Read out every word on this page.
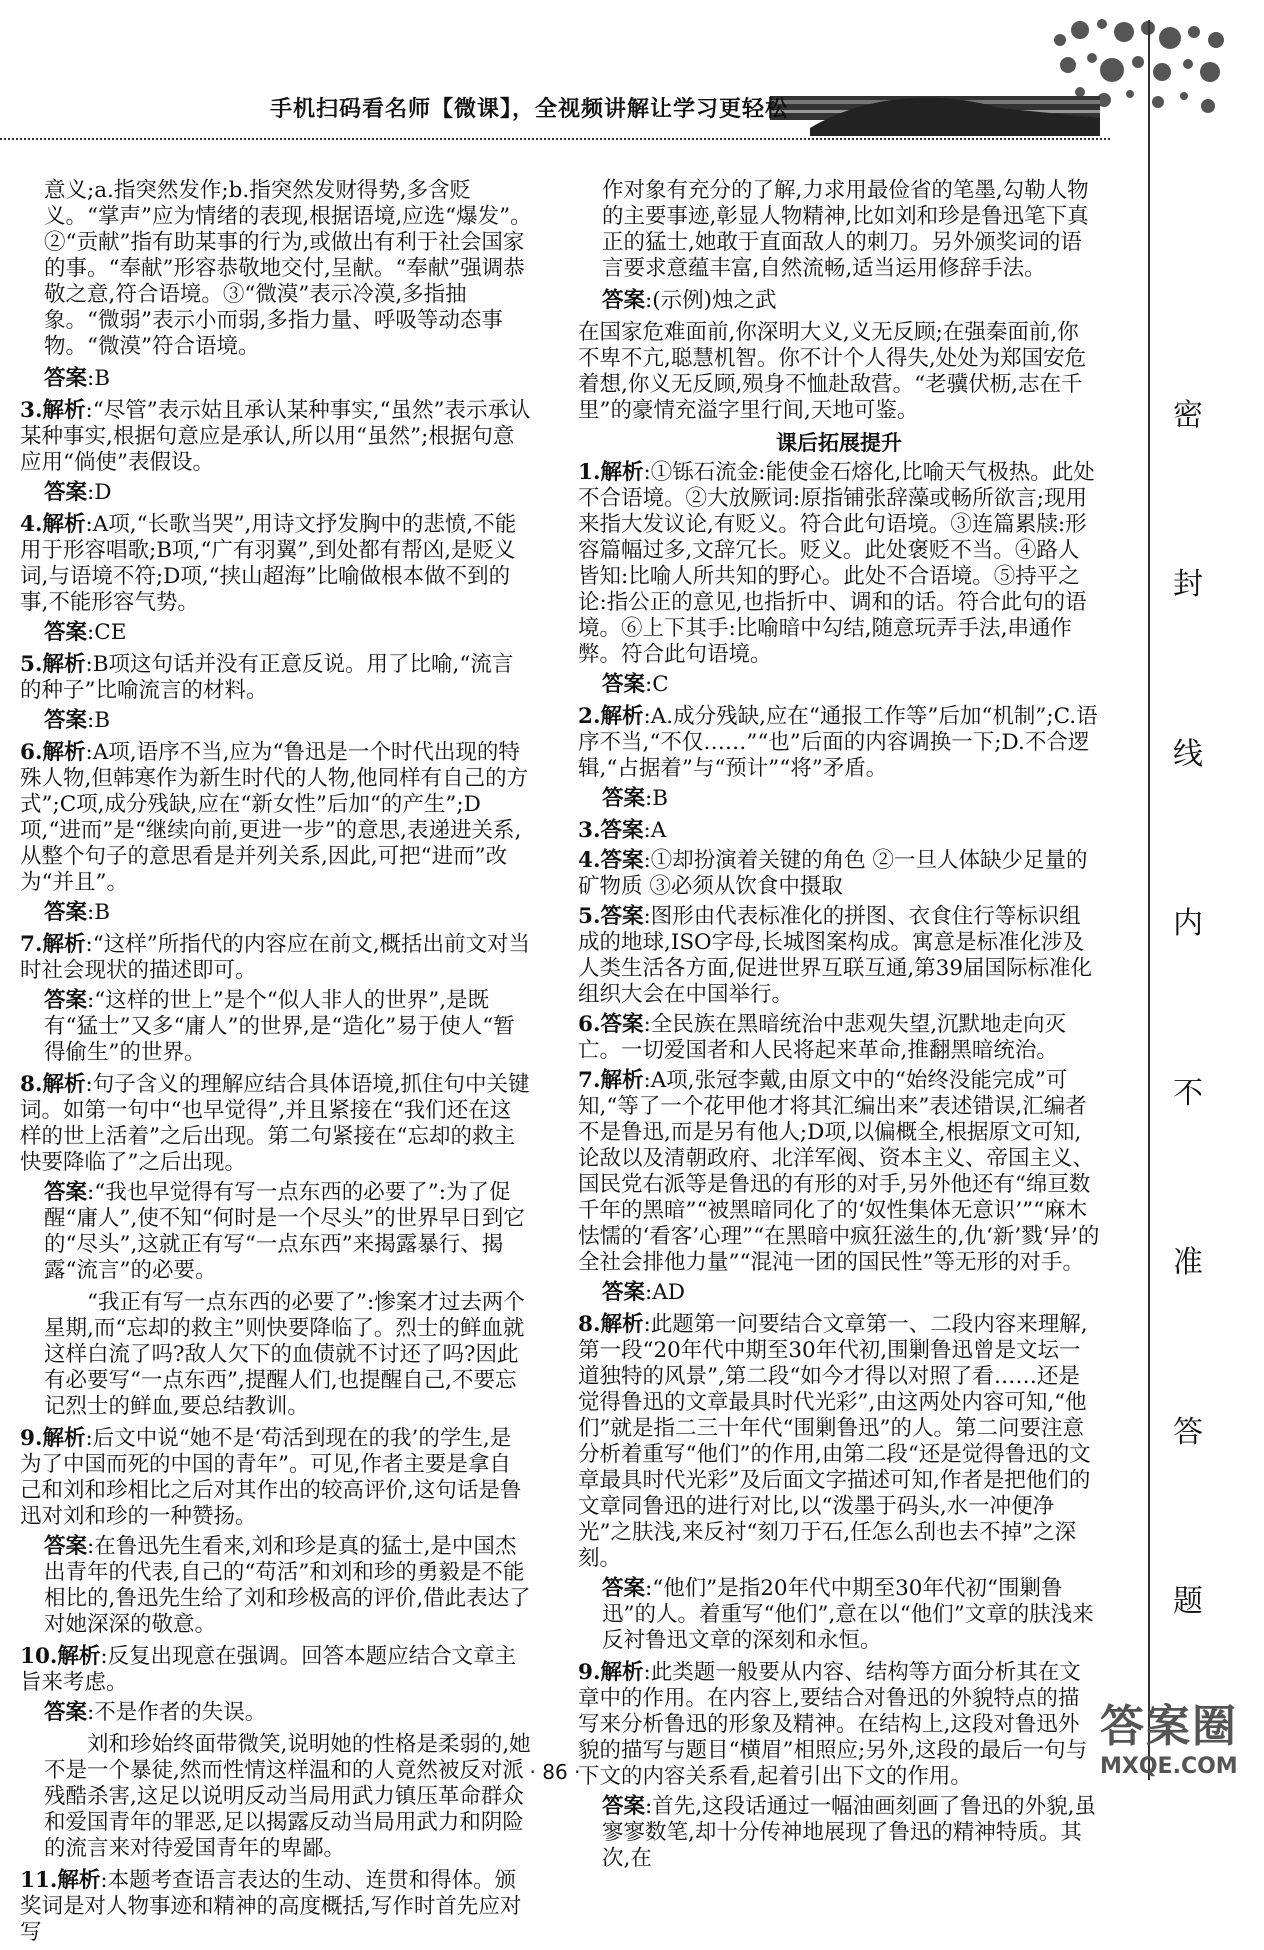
手机扫码看名师【微课】，全视频讲解让学习更轻松
意义;a.指突然发作;b.指突然发财得势,多含贬义。“掌声”应为情绪的表现,根据语境,应选“爆发”。②“贡献”指有助某事的行为,或做出有利于社会国家的事。“奉献”形容恭敬地交付,呈献。“奉献”强调恭敬之意,符合语境。③“微漠”表示冷漠,多指抽象。“微弱”表示小而弱,多指力量、呼吸等动态事物。“微漠”符合语境。
答案:B
3.解析:“尽管”表示姑且承认某种事实,“虽然”表示承认某种事实,根据句意应是承认,所以用“虽然”;根据句意应用“倘使”表假设。
答案:D
4.解析:A项,“长歌当哭”,用诗文抒发胸中的悲愤,不能用于形容唱歌;B项,“广有羽翼”,到处都有帮凶,是贬义词,与语境不符;D项,“挟山超海”比喻做根本做不到的事,不能形容气势。
答案:CE
5.解析:B项这句话并没有正意反说。用了比喻,“流言的种子”比喻流言的材料。
答案:B
6.解析:A项,语序不当,应为“鲁迅是一个时代出现的特殊人物,但韩寒作为新生时代的人物,他同样有自己的方式”;C项,成分残缺,应在“新女性”后加“的产生”;D项,“进而”是“继续向前,更进一步”的意思,表递进关系,从整个句子的意思看是并列关系,因此,可把“进而”改为“并且”。
答案:B
7.解析:“这样”所指代的内容应在前文,概括出前文对当时社会现状的描述即可。
答案:“这样的世上”是个“似人非人的世界”,是既有“猛士”又多“庸人”的世界,是“造化”易于使人“暂得偷生”的世界。
8.解析:句子含义的理解应结合具体语境,抓住句中关键词。如第一句中“也早觉得”,并且紧接在“我们还在这样的世上活着”之后出现。第二句紧接在“忘却的救主快要降临了”之后出现。
答案:“我也早觉得有写一点东西的必要了”:为了促醒“庸人”,使不知“何时是一个尽头”的世界早日到它的“尽头”,这就正有写“一点东西”来揭露暴行、揭露“流言”的必要。
“我正有写一点东西的必要了”:惨案才过去两个星期,而“忘却的救主”则快要降临了。烈士的鲜血就这样白流了吗?敌人欠下的血债就不讨还了吗?因此有必要写“一点东西”,提醒人们,也提醒自己,不要忘记烈士的鲜血,要总结教训。
9.解析:后文中说“她不是‘苟活到现在的我’的学生,是为了中国而死的中国的青年”。可见,作者主要是拿自己和刘和珍相比之后对其作出的较高评价,这句话是鲁迅对刘和珍的一种赞扬。
答案:在鲁迅先生看来,刘和珍是真的猛士,是中国杰出青年的代表,自己的“苟活”和刘和珍的勇毅是不能相比的,鲁迅先生给了刘和珍极高的评价,借此表达了对她深深的敬意。
10.解析:反复出现意在强调。回答本题应结合文章主旨来考虑。
答案:不是作者的失误。
刘和珍始终面带微笑,说明她的性格是柔弱的,她不是一个暴徒,然而性情这样温和的人竟然被反对派残酷杀害,这足以说明反动当局用武力镇压革命群众和爱国青年的罪恶,足以揭露反动当局用武力和阴险的流言来对待爱国青年的卑鄙。
11.解析:本题考查语言表达的生动、连贯和得体。颁奖词是对人物事迹和精神的高度概括,写作时首先应对写
作对象有充分的了解,力求用最俭省的笔墨,勾勒人物的主要事迹,彰显人物精神,比如刘和珍是鲁迅笔下真正的猛士,她敢于直面敌人的刺刀。另外颁奖词的语言要求意蕴丰富,自然流畅,适当运用修辞手法。
答案:(示例)烛之武
在国家危难面前,你深明大义,义无反顾;在强秦面前,你不卑不亢,聪慧机智。你不计个人得失,处处为郑国安危着想,你义无反顾,殒身不恤赴敌营。“老骥伏枥,志在千里”的豪情充溢字里行间,天地可鉴。
课后拓展提升
1.解析:①铄石流金:能使金石熔化,比喻天气极热。此处不合语境。②大放厥词:原指铺张辞藻或畅所欲言;现用来指大发议论,有贬义。符合此句语境。③连篇累牍:形容篇幅过多,文辞冗长。贬义。此处褒贬不当。④路人皆知:比喻人所共知的野心。此处不合语境。⑤持平之论:指公正的意见,也指折中、调和的话。符合此句的语境。⑥上下其手:比喻暗中勾结,随意玩弄手法,串通作弊。符合此句语境。
答案:C
2.解析:A.成分残缺,应在“通报工作等”后加“机制”;C.语序不当,“不仅……”“也”后面的内容调换一下;D.不合逻辑,“占据着”与“预计”“将”矛盾。
答案:B
3.答案:A
4.答案:①却扮演着关键的角色 ②一旦人体缺少足量的矿物质 ③必须从饮食中摄取
5.答案:图形由代表标准化的拼图、衣食住行等标识组成的地球,ISO字母,长城图案构成。寓意是标准化涉及人类生活各方面,促进世界互联互通,第39届国际标准化组织大会在中国举行。
6.答案:全民族在黑暗统治中悲观失望,沉默地走向灭亡。一切爱国者和人民将起来革命,推翻黑暗统治。
7.解析:A项,张冠李戴,由原文中的“始终没能完成”可知,“等了一个花甲他才将其汇编出来”表述错误,汇编者不是鲁迅,而是另有他人;D项,以偏概全,根据原文可知,论敌以及清朝政府、北洋军阀、资本主义、帝国主义、国民党右派等是鲁迅的有形的对手,另外他还有“绵亘数千年的黑暗”“被黑暗同化了的‘奴性集体无意识’”“麻木怯懦的‘看客’心理”“在黑暗中疯狂滋生的,仇‘新’戮‘异’的全社会排他力量”“混沌一团的国民性”等无形的对手。
答案:AD
8.解析:此题第一问要结合文章第一、二段内容来理解,第一段“20年代中期至30年代初,围剿鲁迅曾是文坛一道独特的风景”,第二段“如今才得以对照了看……还是觉得鲁迅的文章最具时代光彩”,由这两处内容可知,“他们”就是指二三十年代“围剿鲁迅”的人。第二问要注意分析着重写“他们”的作用,由第二段“还是觉得鲁迅的文章最具时代光彩”及后面文字描述可知,作者是把他们的文章同鲁迅的进行对比,以“泼墨于码头,水一冲便净光”之肤浅,来反衬“刻刀于石,任怎么刮也去不掉”之深刻。
答案:“他们”是指20年代中期至30年代初“围剿鲁迅”的人。着重写“他们”,意在以“他们”文章的肤浅来反衬鲁迅文章的深刻和永恒。
9.解析:此类题一般要从内容、结构等方面分析其在文章中的作用。在内容上,要结合对鲁迅的外貌特点的描写来分析鲁迅的形象及精神。在结构上,这段对鲁迅外貌的描写与题目“横眉”相照应;另外,这段的最后一句与下文的内容关系看,起着引出下文的作用。
答案:首先,这段话通过一幅油画刻画了鲁迅的外貌,虽寥寥数笔,却十分传神地展现了鲁迅的精神特质。其次,在
密
封
线
内
不
准
答
题
· 86 ·
答案圈
MXQE.COM
